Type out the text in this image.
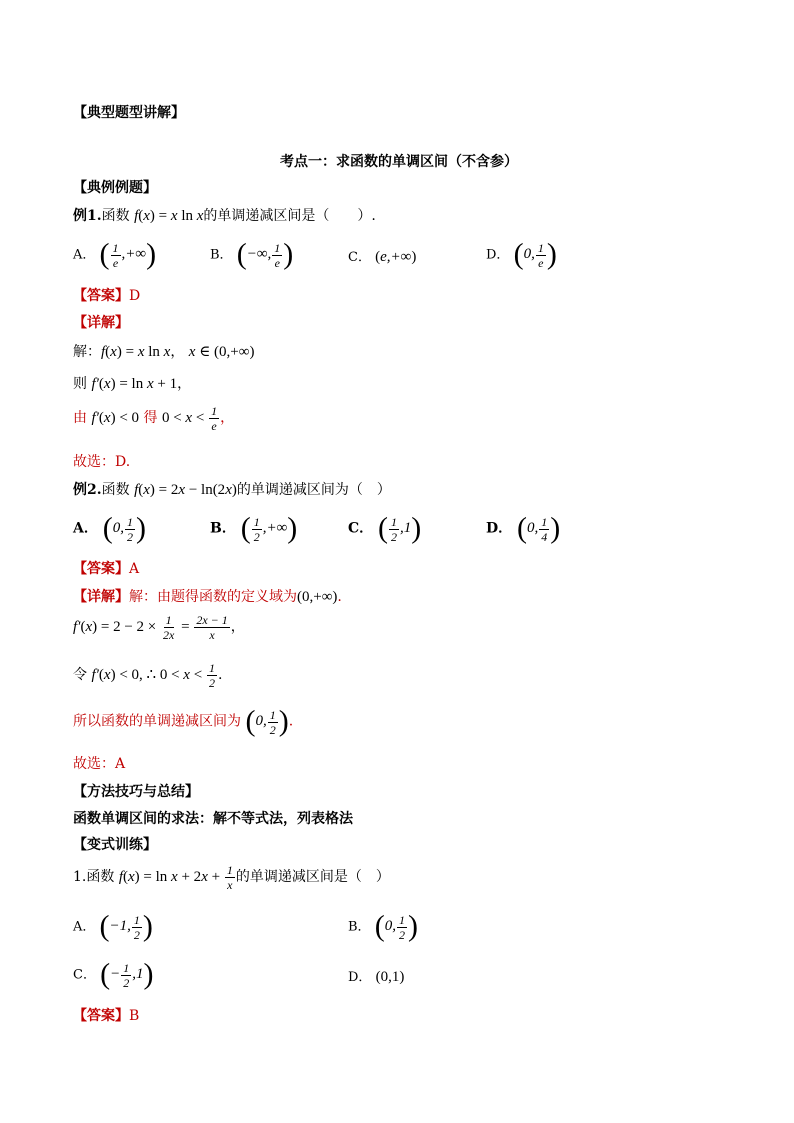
【典型题型讲解】
考点一：求函数的单调区间（不含参）
【典例例题】
例1.函数 f(x) = x ln x的单调递减区间是（　　）.
A． ( $\frac{1}{e}$ ,+∞)	B． (−∞, $\frac{1}{e}$ )	C． (e,+∞)	D． (0, $\frac{1}{e}$ )
【答案】D
【详解】
解：f(x) = x ln x， x ∈ (0,+∞)
则 f′(x) = ln x + 1，
由 f′(x) < 0 得 $0 < x < \frac{1}{e}$ ，
故选：D.
例2.函数 f(x) = 2x − ln(2x)的单调递减区间为（　）
A． (0, $\frac{1}{2}$ )	B． ( $\frac{1}{2}$ ,+∞)	C． ( $\frac{1}{2} ,1$)	D． (0, $\frac{1}{4}$ )
【答案】A
【详解】解：由题得函数的定义域为(0,+∞).
$f'(x) = 2 - 2 \times \frac{1}{2x} = \frac{2x - 1}{x}$ ，
令 f′(x) < 0, ∴ $0 < x < \frac{1}{2}$ .
所以函数的单调递减区间为 (0, $\frac{1}{2}$ ).
故选：A
【方法技巧与总结】
函数单调区间的求法：解不等式法，列表格法
【变式训练】
1.函数 $f(x) = \ln x + 2x + \frac{1}{x}$ 的单调递减区间是（　）
A． (−1, $\frac{1}{2}$ )	B． (0, $\frac{1}{2}$ )
C． (− $\frac{1}{2} ,1$)	D． (0,1)
【答案】B
